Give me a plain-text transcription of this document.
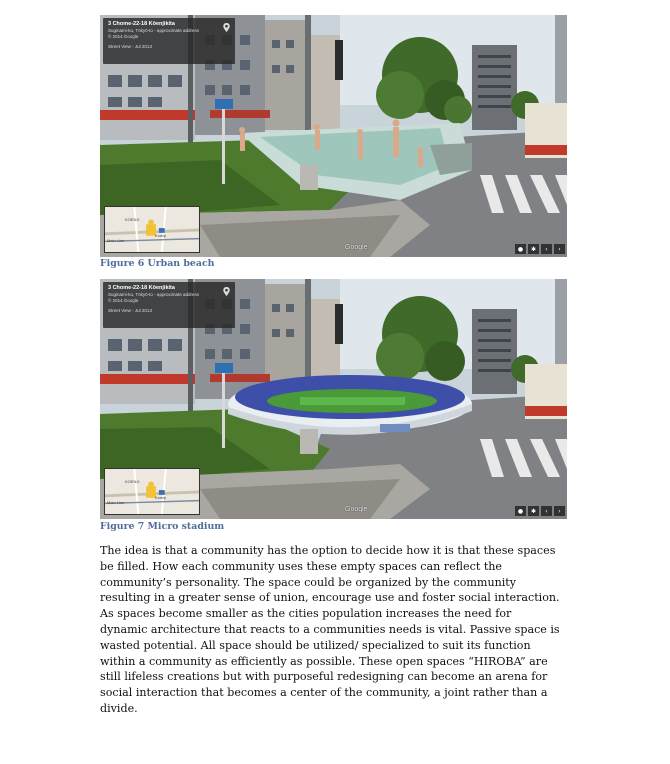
3 Chome-22-18 Kōenjikita
Suginami-ku, Tōkyō-to - approximate address
© 2014 Google
Street View - Jul 2013
KOENJI
Koenji
Main Line
Google	●	✱	‹	›

Figure 6 Urban beach

3 Chome-22-18 Kōenjikita
Suginami-ku, Tōkyō-to - approximate address
© 2014 Google
Street View - Jul 2013
KOENJI
Koenji
Main Line
Google	●	✱	‹	›

Figure 7 Micro stadium

The idea is that a community has the option to decide how it is that these spaces
be filled. How each community uses these empty spaces can reflect the
community’s personality. The space could be organized by the community
resulting in a greater sense of union, encourage use and foster social interaction.
As spaces become smaller as the cities population increases the need for
dynamic architecture that reacts to a communities needs is vital. Passive space is
wasted potential. All space should be utilized/ specialized to suit its function
within a community as efficiently as possible. These open spaces “HIROBA” are
still lifeless creations but with purposeful redesigning can become an arena for
social interaction that becomes a center of the community, a joint rather than a
divide.
